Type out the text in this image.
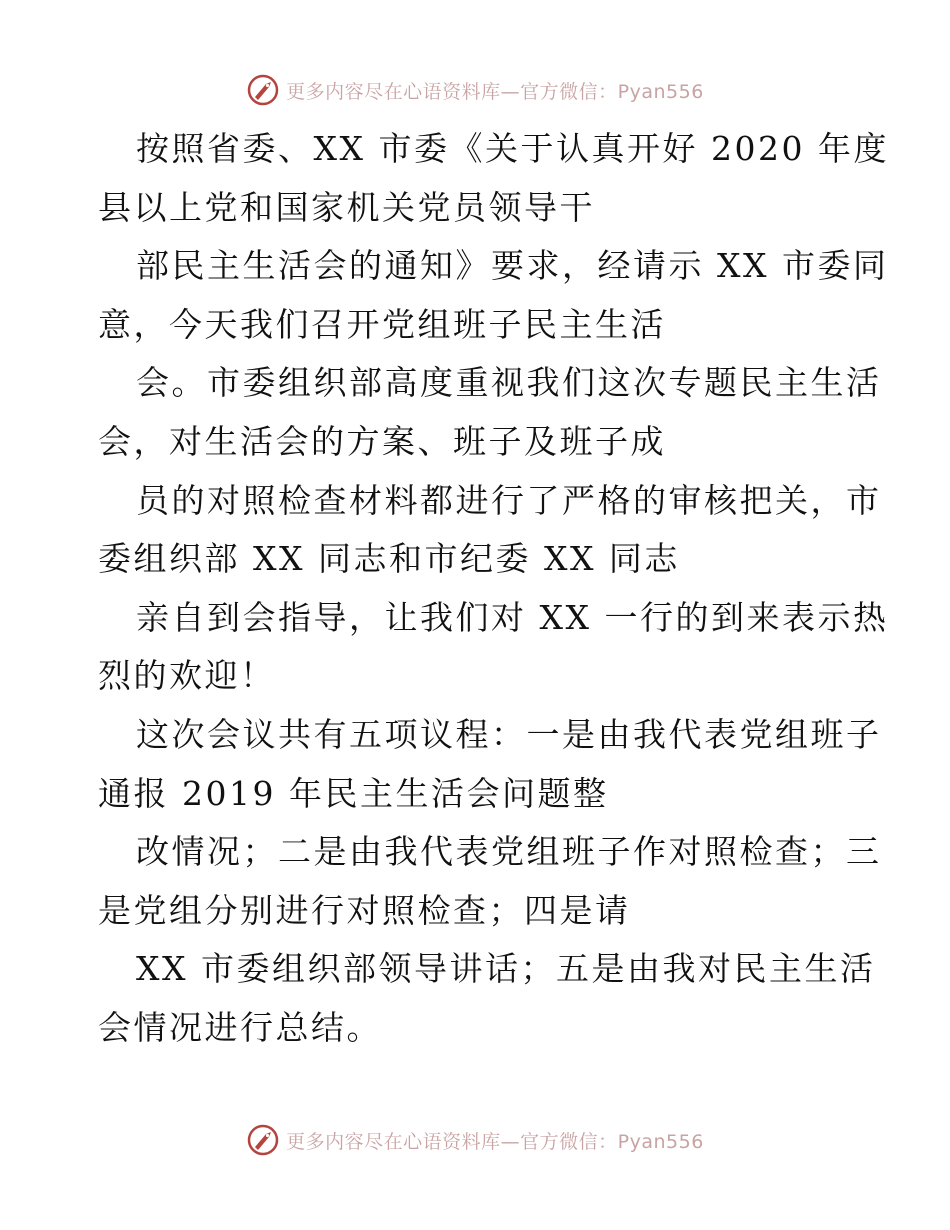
更多内容尽在心语资料库—官方微信：Pyan556
按照省委、XX 市委《关于认真开好 2020 年度
县以上党和国家机关党员领导干
部民主生活会的通知》要求，经请示 XX 市委同
意，今天我们召开党组班子民主生活
会。市委组织部高度重视我们这次专题民主生活
会，对生活会的方案、班子及班子成
员的对照检查材料都进行了严格的审核把关，市
委组织部 XX 同志和市纪委 XX 同志
亲自到会指导，让我们对 XX 一行的到来表示热
烈的欢迎！
这次会议共有五项议程：一是由我代表党组班子
通报 2019 年民主生活会问题整
改情况；二是由我代表党组班子作对照检查；三
是党组分别进行对照检查；四是请
XX 市委组织部领导讲话；五是由我对民主生活
会情况进行总结。
更多内容尽在心语资料库—官方微信：Pyan556
